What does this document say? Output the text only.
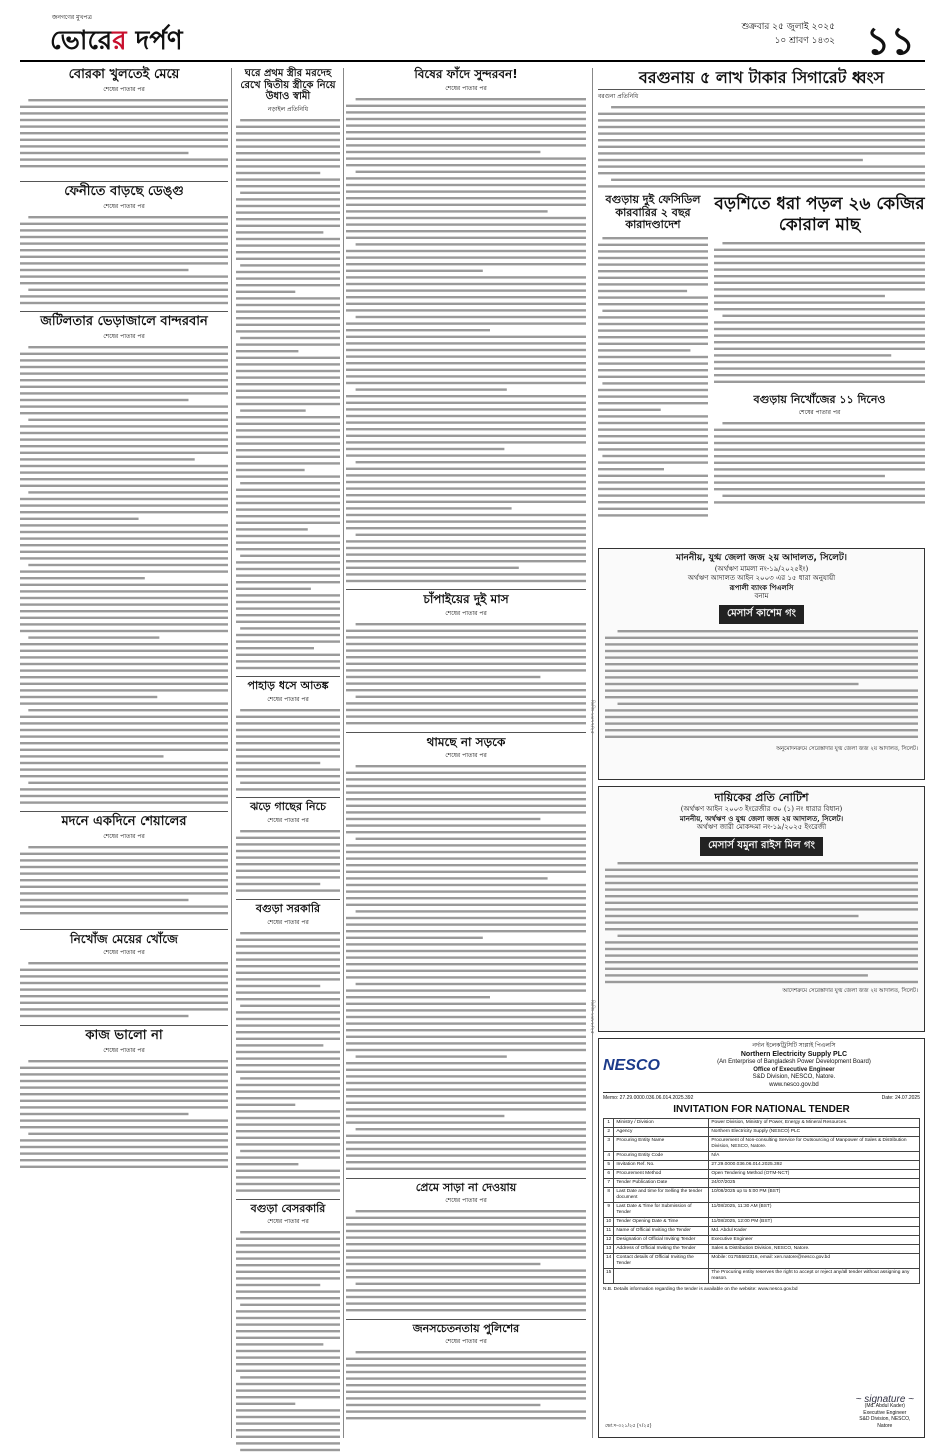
জনগণের মুখপত্র
ভোরের দর্পণ	শুক্রবার ২৫ জুলাই ২০২৫
১০ শ্রাবণ ১৪৩২ ১১
বোরকা খুলতেই মেয়ে
শেষের পাতার পর
ফেনীতে বাড়ছে ডেঙ্গু
শেষের পাতার পর
জটিলতার ভেড়াজালে বান্দরবান
শেষের পাতার পর
মদনে একদিনে শেয়ালের
শেষের পাতার পর
নিখোঁজ মেয়ের খোঁজে
শেষের পাতার পর
কাজ ভালো না
শেষের পাতার পর
ঘরে প্রথম স্ত্রীর মরদেহ রেখে দ্বিতীয় স্ত্রীকে নিয়ে উধাও স্বামী
নড়াইল প্রতিনিধি
পাহাড় ধসে আতঙ্ক
শেষের পাতার পর
ঝড়ে গাছের নিচে
শেষের পাতার পর
বগুড়া সরকারি
শেষের পাতার পর
বগুড়া বেসরকারি
শেষের পাতার পর
বিষের ফাঁদে সুন্দরবন!
শেষের পাতার পর
চাঁপাইয়ের দুই মাস
শেষের পাতার পর
থামছে না সড়কে
শেষের পাতার পর
প্রেমে সাড়া না দেওয়ায়
শেষের পাতার পর
জনসচেতনতায় পুলিশের
শেষের পাতার পর
বরগুনায় ৫ লাখ টাকার সিগারেট ধ্বংস
বরগুনা প্রতিনিধি
বগুড়ায় দুই ফেসিডিল কারবারির ২ বছর কারাদণ্ডাদেশ
বড়শিতে ধরা পড়ল ২৬ কেজির কোরাল মাছ
বগুড়ায় নিখোঁজের ১১ দিনেও
শেষের পাতার পর
মাননীয়, যুগ্ম জেলা জজ ২য় আদালত, সিলেট।
(অর্থঋণ মামলা নং-১৯/২০২৫ইং)
অর্থঋণ আদালত আইন ২০০৩ এর ১৫ ধারা অনুযায়ী
রূপালী ব্যাংক পিএলসি
বনাম
মেসার্স কাশেম গং
অনুমোদনক্রমে সেরেস্তাদার যুগ্ম জেলা জজ ২য় আদালত, সিলেট।
দায়িকের প্রতি নোটিশ
(অর্থঋণ আইন ২০০৩ ইংরেজীর ৩০ (১) নং ধারার বিধান)
মাননীয়, অর্থঋণ ও যুগ্ম জেলা জজ ২য় আদালত, সিলেট।
অর্থঋণ জারী মোকদ্দমা নং-১৯/২০২৫ ইংরেজী
মেসার্স যমুনা রাইস মিল গং
আদেশক্রমে সেরেস্তাদার যুগ্ম জেলা জজ ২য় আদালত, সিলেট।
NESCO
নর্দান ইলেকট্রিসিটি সাপ্লাই পিএলসি
Northern Electricity Supply PLC
(An Enterprise of Bangladesh Power Development Board)
Office of Executive Engineer
S&D Division, NESCO, Natore.
www.nesco.gov.bd
Memo: 27.29.0000.036.06.014.2025.392	Date: 24.07.2025
INVITATION FOR NATIONAL TENDER
1	Ministry / Division	Power Division, Ministry of Power, Energy & Mineral Resources.
2	Agency	Northern Electricity Supply (NESCO) PLC
3	Procuring Entity Name	Procurement of Non-consulting Service for Outsourcing of Manpower of Sales & Distribution Division, NESCO, Natore.
4	Procuring Entity Code	N/A
5	Invitation Ref. No.	27.29.0000.036.06.014.2025.392
6	Procurement Method	Open Tendering Method (OTM-NCT)
7	Tender Publication Date	24/07/2025
8	Last Date and time for Selling the tender document	10/08/2025 up to 5:00 PM (BST)
9	Last Date & Time for Submission of Tender	11/08/2025, 11:30 AM (BST)
10	Tender Opening Date & Time	11/08/2025, 12:00 PM (BST)
11	Name of Official Inviting the Tender	Md. Abdul Kader
12	Designation of Official Inviting Tender	Executive Engineer
13	Address of Official Inviting the Tender	Sales & Distribution Division, NESCO, Natore.
14	Contact details of Official Inviting the Tender	Mobile: 01755582316, email: xen.natore@nesco.gov.bd
15		The Procuring entity reserves the right to accept or reject any/all tender without assigning any reason.
N.B. Details information regarding the tender is available on the website: www.nesco.gov.bd
~ signature ~
(Md. Abdul Kader)
Executive Engineer
S&D Division, NESCO,
Natore
ভো.দ-৩২১/২৫ (৭/২৫)
ডিজি-১৪৭৭/২৫
ডিজি-১৪৮৮/২৫
